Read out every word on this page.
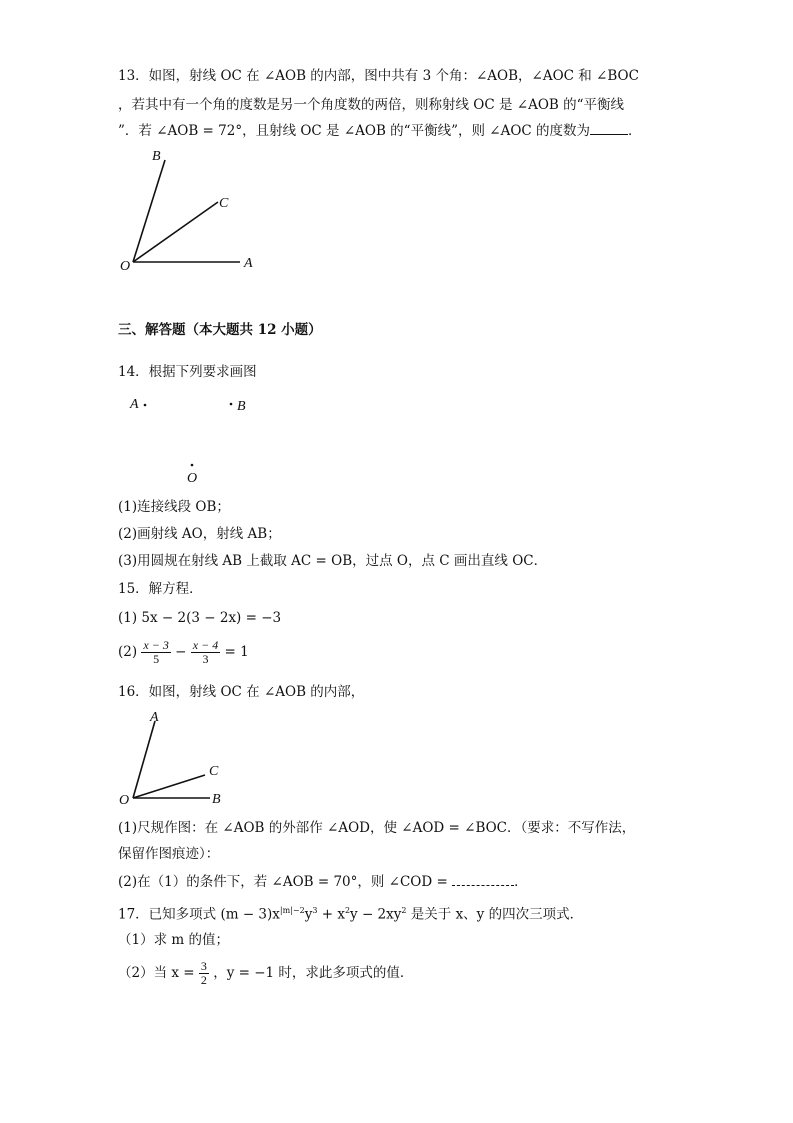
13．如图，射线 OC 在 ∠AOB 的内部，图中共有 3 个角：∠AOB，∠AOC 和 ∠BOC
，若其中有一个角的度数是另一个角度数的两倍，则称射线 OC 是 ∠AOB 的“平衡线
”．若 ∠AOB = 72°，且射线 OC 是 ∠AOB 的“平衡线”，则 ∠AOC 的度数为	．
B
C
O	A
三、解答题（本大题共 12 小题）
14．根据下列要求画图
A	B
O
(1)连接线段 OB；
(2)画射线 AO，射线 AB；
(3)用圆规在射线 AB 上截取 AC = OB，过点 O，点 C 画出直线 OC．
15．解方程．
(1) 5x − 2(3 − 2x) = −3
$(2) \frac{x - 3}{5} - \frac{x - 4}{3} = 1$
16．如图，射线 OC 在 ∠AOB 的内部，
A
C
O	B
(1)尺规作图：在 ∠AOB 的外部作 ∠AOD，使 ∠AOD = ∠BOC．（要求：不写作法，
保留作图痕迹）：
(2)在（1）的条件下，若 ∠AOB = 70°，则 ∠COD =	．
17．已知多项式 $(m - 3)x^{|m|-2}y^3 + x^2y - 2xy^2$ 是关于 x、y 的四次三项式．
（1）求 m 的值；
（2）当 $x = \frac{3}{2}$ ，y = −1 时，求此多项式的值．
